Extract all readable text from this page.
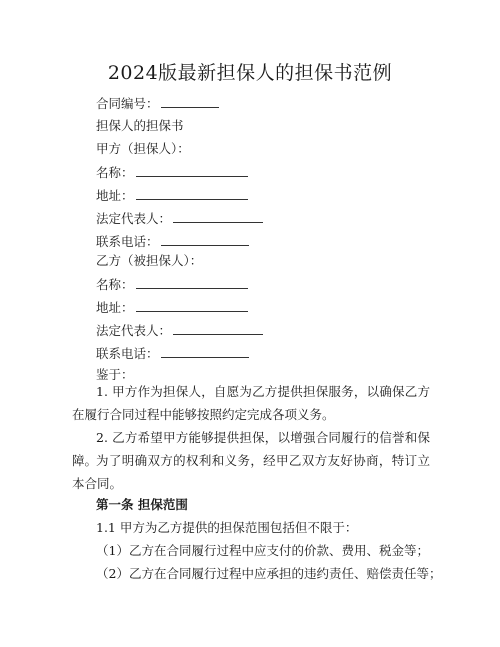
2024版最新担保人的担保书范例
合同编号：
担保人的担保书
甲方（担保人）：
名称：
地址：
法定代表人：
联系电话：
乙方（被担保人）：
名称：
地址：
法定代表人：
联系电话：
鉴于：
1. 甲方作为担保人，自愿为乙方提供担保服务，以确保乙方在履行合同过程中能够按照约定完成各项义务。
2. 乙方希望甲方能够提供担保，以增强合同履行的信誉和保障。
为了明确双方的权利和义务，经甲乙双方友好协商，特订立本合同。
第一条 担保范围
1.1 甲方为乙方提供的担保范围包括但不限于：
（1）乙方在合同履行过程中应支付的价款、费用、税金等；
（2）乙方在合同履行过程中应承担的违约责任、赔偿责任等；
